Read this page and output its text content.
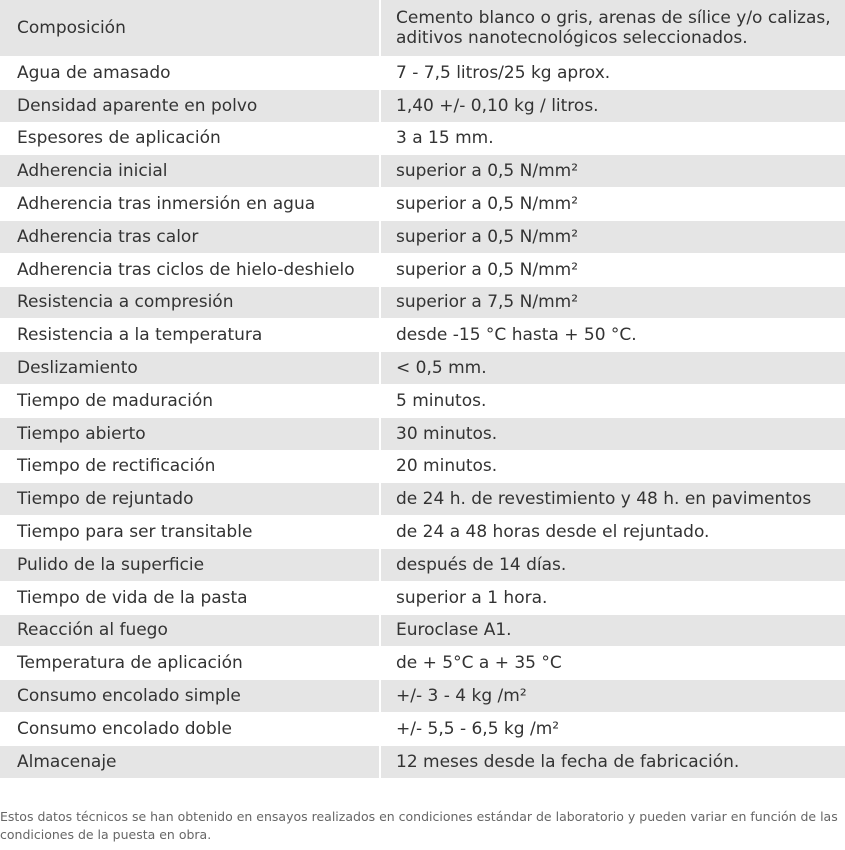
Composición	Cemento blanco o gris, arenas de sílice y/o calizas, aditivos nanotecnológicos seleccionados.
Agua de amasado	7 - 7,5 litros/25 kg aprox.
Densidad aparente en polvo	1,40 +/- 0,10 kg / litros.
Espesores de aplicación	3 a 15 mm.
Adherencia inicial	superior a 0,5 N/mm²
Adherencia tras inmersión en agua	superior a 0,5 N/mm²
Adherencia tras calor	superior a 0,5 N/mm²
Adherencia tras ciclos de hielo-deshielo	superior a 0,5 N/mm²
Resistencia a compresión	superior a 7,5 N/mm²
Resistencia a la temperatura	desde -15 °C hasta + 50 °C.
Deslizamiento	< 0,5 mm.
Tiempo de maduración	5 minutos.
Tiempo abierto	30 minutos.
Tiempo de rectificación	20 minutos.
Tiempo de rejuntado	de 24 h. de revestimiento y 48 h. en pavimentos
Tiempo para ser transitable	de 24 a 48 horas desde el rejuntado.
Pulido de la superficie	después de 14 días.
Tiempo de vida de la pasta	superior a 1 hora.
Reacción al fuego	Euroclase A1.
Temperatura de aplicación	de + 5°C a + 35 °C
Consumo encolado simple	+/- 3 - 4 kg /m²
Consumo encolado doble	+/- 5,5 - 6,5 kg /m²
Almacenaje	12 meses desde la fecha de fabricación.
Estos datos técnicos se han obtenido en ensayos realizados en condiciones estándar de laboratorio y pueden variar en función de las condiciones de la puesta en obra.
